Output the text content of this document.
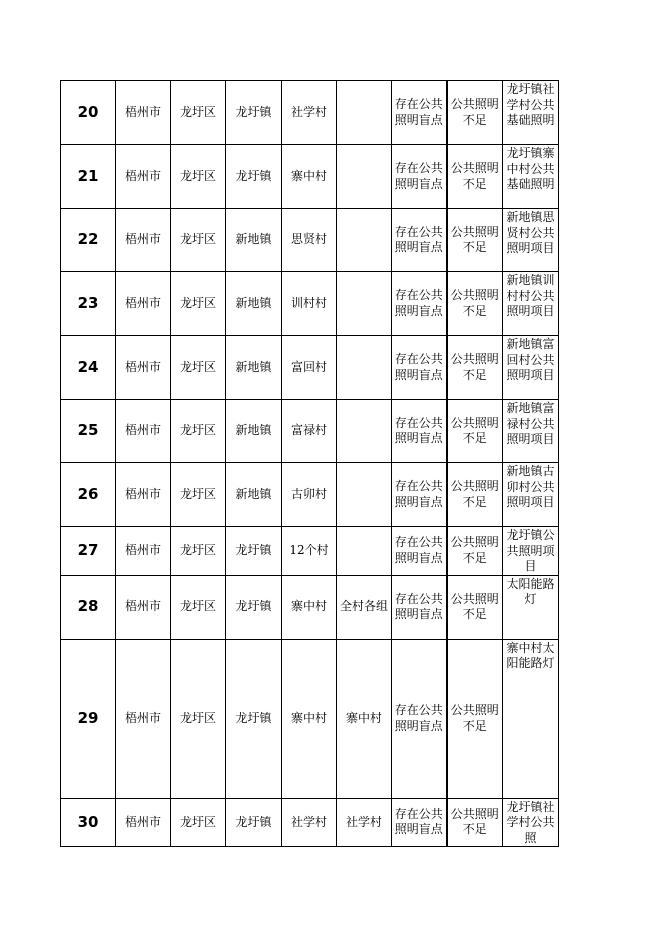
20	梧州市	龙圩区	龙圩镇	社学村		存在公共照明盲点	公共照明不足	龙圩镇社学村公共基础照明

21	梧州市	龙圩区	龙圩镇	寨中村		存在公共照明盲点	公共照明不足	龙圩镇寨中村公共基础照明

22	梧州市	龙圩区	新地镇	思贤村		存在公共照明盲点	公共照明不足	新地镇思贤村公共照明项目

23	梧州市	龙圩区	新地镇	训村村		存在公共照明盲点	公共照明不足	新地镇训村村公共照明项目

24	梧州市	龙圩区	新地镇	富回村		存在公共照明盲点	公共照明不足	新地镇富回村公共照明项目

25	梧州市	龙圩区	新地镇	富禄村		存在公共照明盲点	公共照明不足	新地镇富禄村公共照明项目

26	梧州市	龙圩区	新地镇	古卯村		存在公共照明盲点	公共照明不足	新地镇古卯村公共照明项目

27	梧州市	龙圩区	龙圩镇	12个村		存在公共照明盲点	公共照明不足	龙圩镇公共照明项目

28	梧州市	龙圩区	龙圩镇	寨中村	全村各组	存在公共照明盲点	公共照明不足	太阳能路灯

29	梧州市	龙圩区	龙圩镇	寨中村	寨中村	存在公共照明盲点	公共照明不足	寨中村太阳能路灯

30	梧州市	龙圩区	龙圩镇	社学村	社学村	存在公共照明盲点	公共照明不足	龙圩镇社学村公共照
